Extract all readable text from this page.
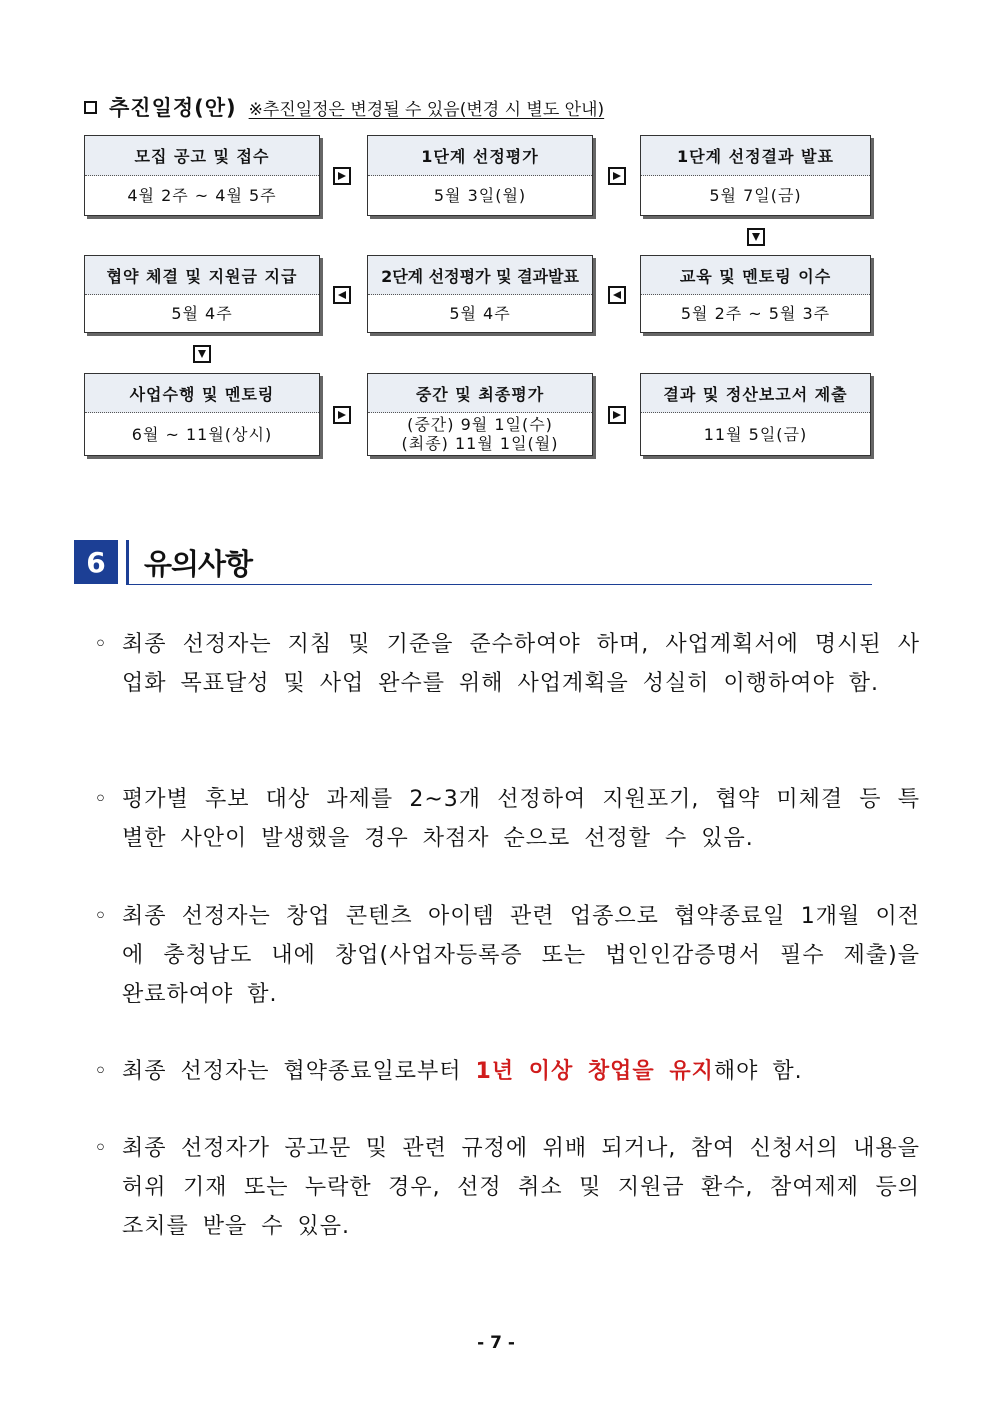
추진일정(안) ※추진일정은 변경될 수 있음(변경 시 별도 안내)
모집 공고 및 접수
4월 2주 ~ 4월 5주
1단계 선정평가
5월 3일(월)
1단계 선정결과 발표
5월 7일(금)
협약 체결 및 지원금 지급
5월 4주
2단계 선정평가 및 결과발표
5월 4주
교육 및 멘토링 이수
5월 2주 ~ 5월 3주
사업수행 및 멘토링
6월 ~ 11월(상시)
중간 및 최종평가
(중간) 9월 1일(수)
(최종) 11월 1일(월)
결과 및 정산보고서 제출
11월 5일(금)
6	유의사항
◦ 최종 선정자는 지침 및 기준을 준수하여야 하며, 사업계획서에 명시된 사업화 목표달성 및 사업 완수를 위해 사업계획을 성실히 이행하여야 함.
◦ 평가별 후보 대상 과제를 2~3개 선정하여 지원포기, 협약 미체결 등 특별한 사안이 발생했을 경우 차점자 순으로 선정할 수 있음.
◦ 최종 선정자는 창업 콘텐츠 아이템 관련 업종으로 협약종료일 1개월 이전에 충청남도 내에 창업(사업자등록증 또는 법인인감증명서 필수 제출)을 완료하여야 함.
◦ 최종 선정자는 협약종료일로부터 1년 이상 창업을 유지해야 함.
◦ 최종 선정자가 공고문 및 관련 규정에 위배 되거나, 참여 신청서의 내용을 허위 기재 또는 누락한 경우, 선정 취소 및 지원금 환수, 참여제제 등의 조치를 받을 수 있음.
- 7 -
